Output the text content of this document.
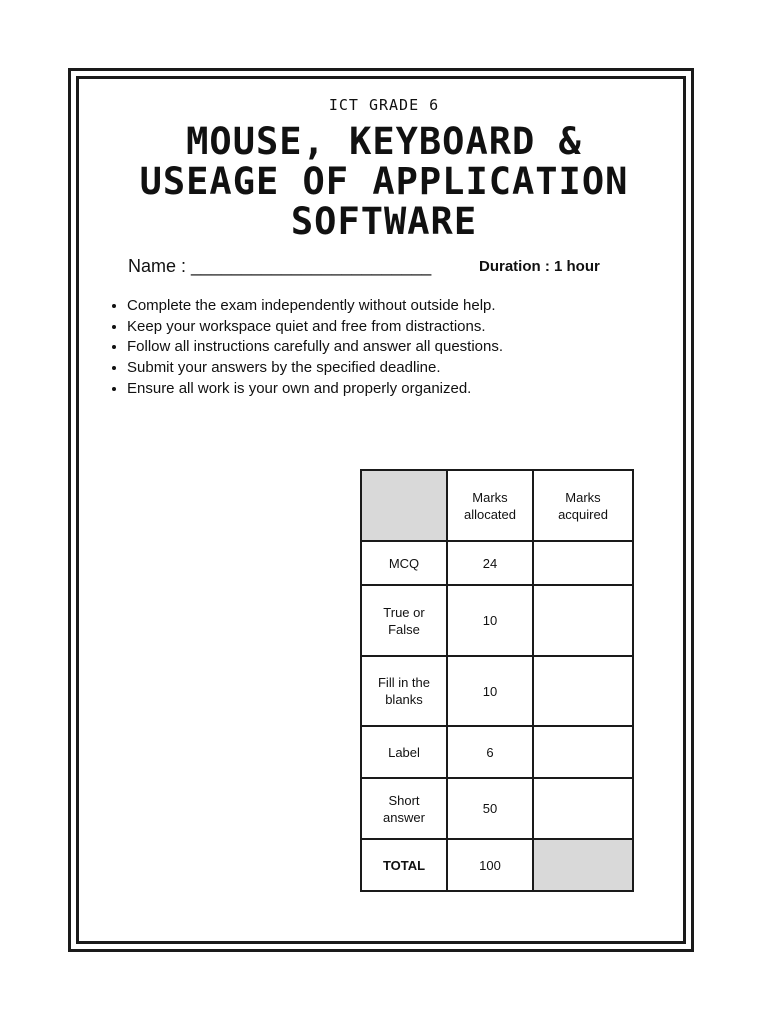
ICT GRADE 6
MOUSE, KEYBOARD &
USEAGE OF APPLICATION
SOFTWARE
Name : ________________________	Duration : 1 hour
• Complete the exam independently without outside help.
• Keep your workspace quiet and free from distractions.
• Follow all instructions carefully and answer all questions.
• Submit your answers by the specified deadline.
• Ensure all work is your own and properly organized.
	Marks allocated	Marks acquired
MCQ	24	
True or False	10	
Fill in the blanks	10	
Label	6	
Short answer	50	
TOTAL	100	
